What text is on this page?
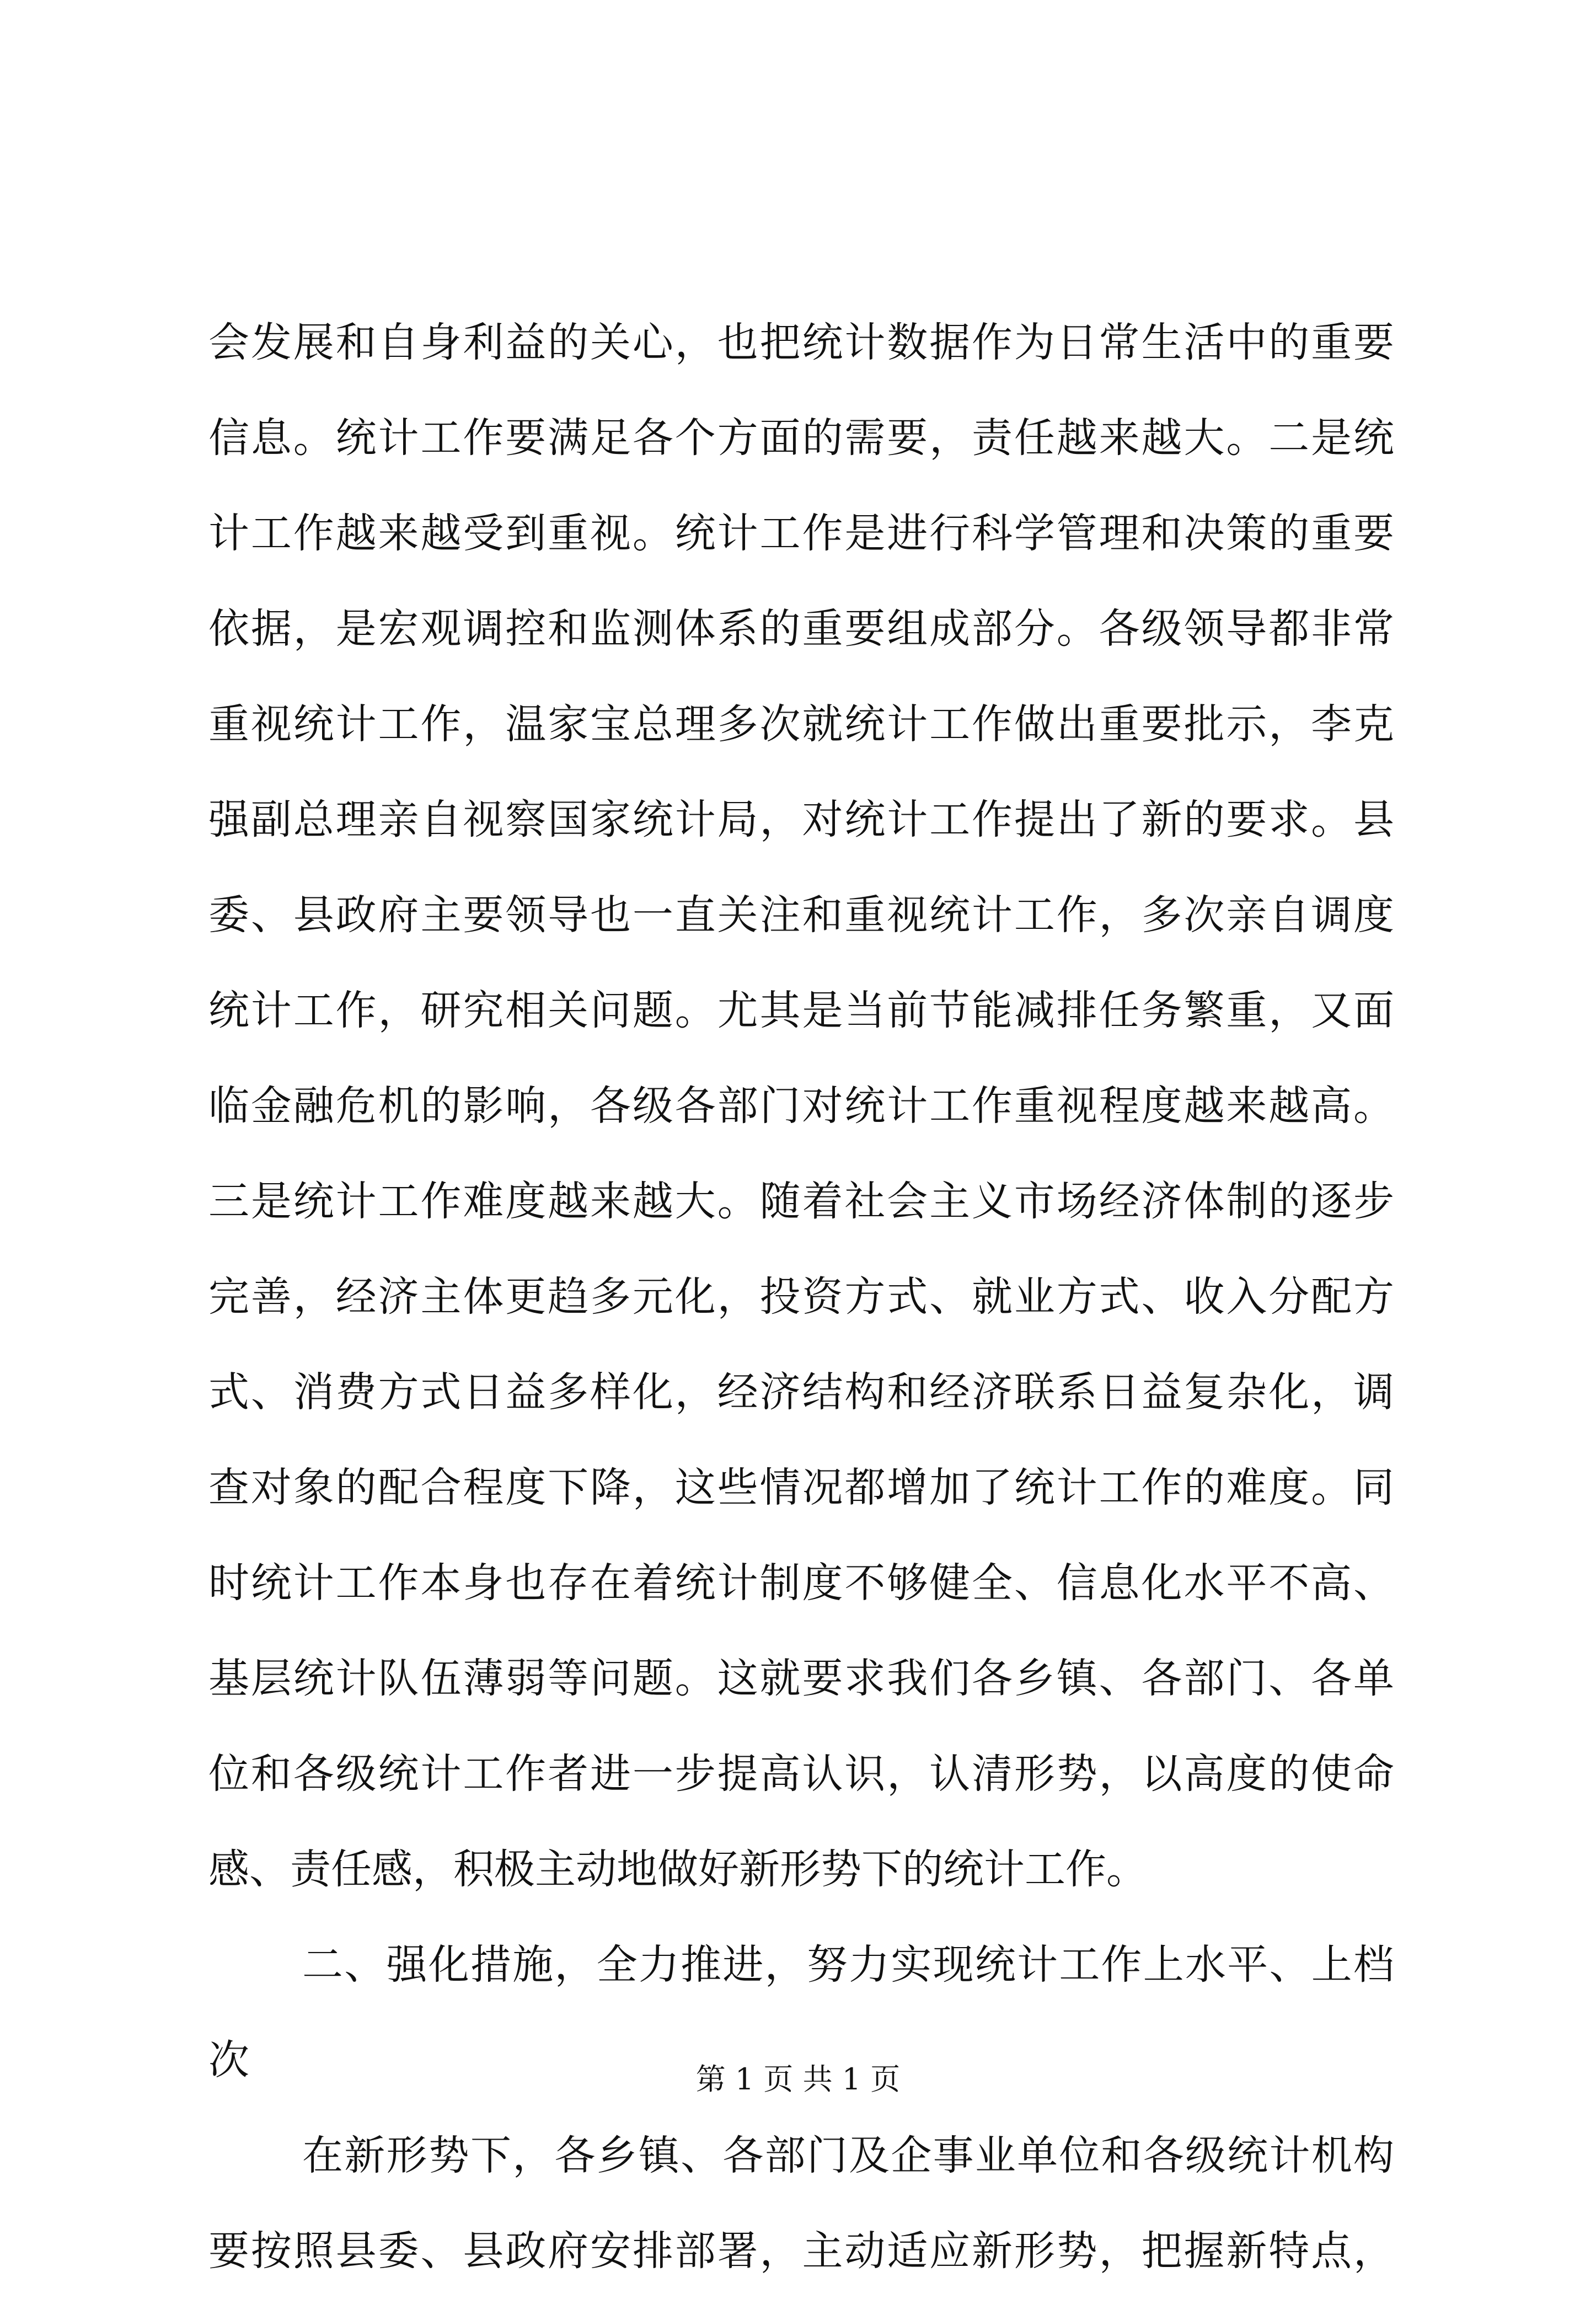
会发展和自身利益的关心，也把统计数据作为日常生活中的重要
信息。统计工作要满足各个方面的需要，责任越来越大。二是统
计工作越来越受到重视。统计工作是进行科学管理和决策的重要
依据，是宏观调控和监测体系的重要组成部分。各级领导都非常
重视统计工作，温家宝总理多次就统计工作做出重要批示，李克
强副总理亲自视察国家统计局，对统计工作提出了新的要求。县
委、县政府主要领导也一直关注和重视统计工作，多次亲自调度
统计工作，研究相关问题。尤其是当前节能减排任务繁重，又面
临金融危机的影响，各级各部门对统计工作重视程度越来越高。
三是统计工作难度越来越大。随着社会主义市场经济体制的逐步
完善，经济主体更趋多元化，投资方式、就业方式、收入分配方
式、消费方式日益多样化，经济结构和经济联系日益复杂化，调
查对象的配合程度下降，这些情况都增加了统计工作的难度。同
时统计工作本身也存在着统计制度不够健全、信息化水平不高、
基层统计队伍薄弱等问题。这就要求我们各乡镇、各部门、各单
位和各级统计工作者进一步提高认识，认清形势，以高度的使命
感、责任感，积极主动地做好新形势下的统计工作。
二、强化措施，全力推进，努力实现统计工作上水平、上档
次
在新形势下，各乡镇、各部门及企事业单位和各级统计机构
要按照县委、县政府安排部署，主动适应新形势，把握新特点，
第 1 页 共 1 页
